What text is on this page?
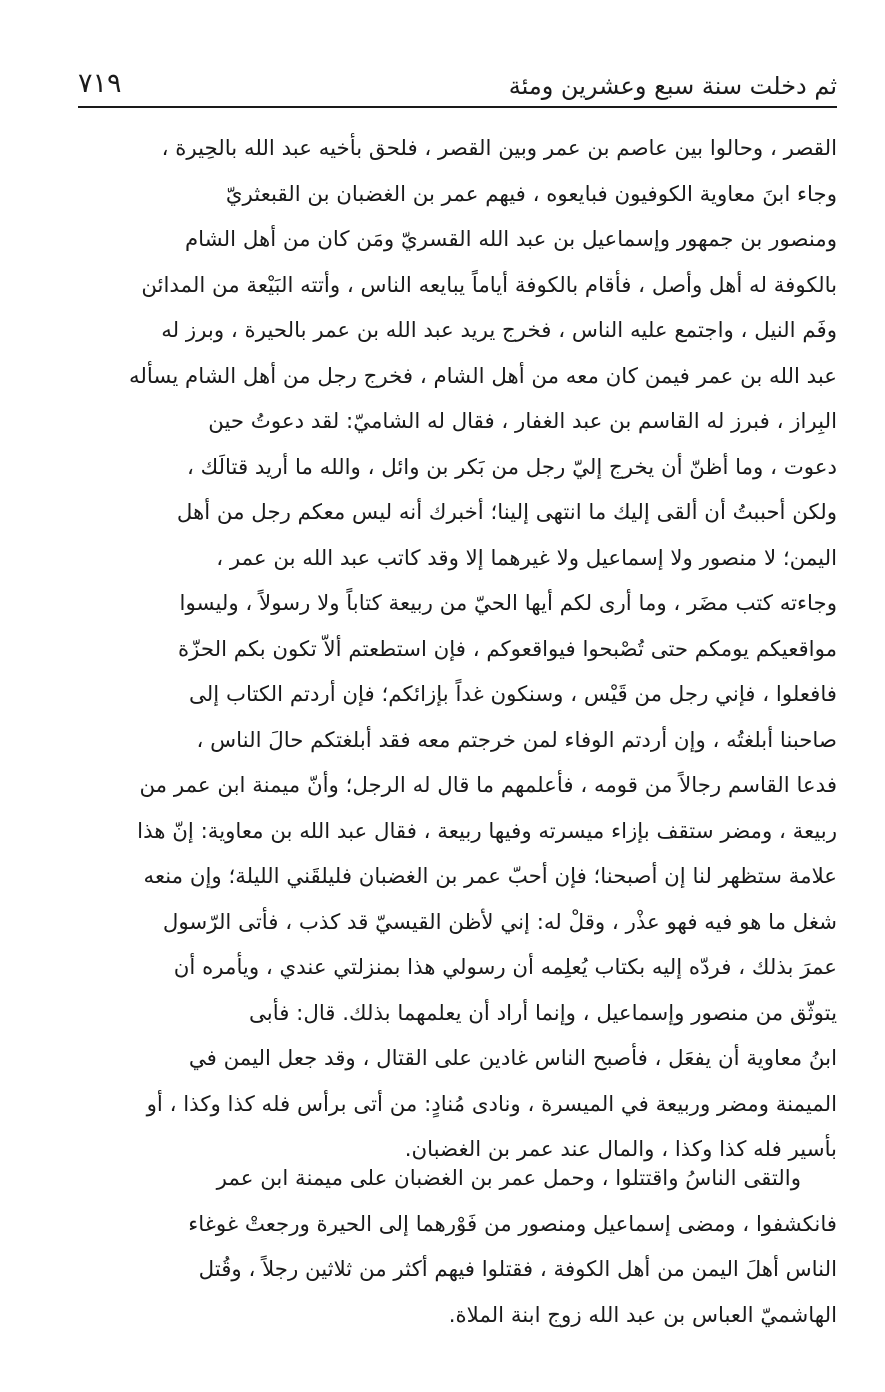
٧١٩	ثم دخلت سنة سبع وعشرين ومئة
القصر ، وحالوا بين عاصم بن عمر وبين القصر ، فلحق بأخيه عبد الله بالحِيرة ،
وجاء ابنَ معاوية الكوفيون فبايعوه ، فيهم عمر بن الغضبان بن القبعثريّ
ومنصور بن جمهور وإسماعيل بن عبد الله القسريّ ومَن كان من أهل الشام
بالكوفة له أهل وأصل ، فأقام بالكوفة أياماً يبايعه الناس ، وأتته البَيْعة من المدائن
وفَم النيل ، واجتمع عليه الناس ، فخرج يريد عبد الله بن عمر بالحيرة ، وبرز له
عبد الله بن عمر فيمن كان معه من أهل الشام ، فخرج رجل من أهل الشام يسأله
البِراز ، فبرز له القاسم بن عبد الغفار ، فقال له الشاميّ: لقد دعوتُ حين
دعوت ، وما أظنّ أن يخرج إليّ رجل من بَكر بن وائل ، والله ما أريد قتالَك ،
ولكن أحببتُ أن ألقى إليك ما انتهى إلينا؛ أخبرك أنه ليس معكم رجل من أهل
اليمن؛ لا منصور ولا إسماعيل ولا غيرهما إلا وقد كاتب عبد الله بن عمر ،
وجاءته كتب مضَر ، وما أرى لكم أيها الحيّ من ربيعة كتاباً ولا رسولاً ، وليسوا
مواقعيكم يومكم حتى تُصْبحوا فيواقعوكم ، فإن استطعتم ألاّ تكون بكم الحزّة
فافعلوا ، فإني رجل من قَيْس ، وسنكون غداً بإزائكم؛ فإن أردتم الكتاب إلى
صاحبنا أبلغتُه ، وإن أردتم الوفاء لمن خرجتم معه فقد أبلغتكم حالَ الناس ،
فدعا القاسم رجالاً من قومه ، فأعلمهم ما قال له الرجل؛ وأنّ ميمنة ابن عمر من
ربيعة ، ومضر ستقف بإزاء ميسرته وفيها ربيعة ، فقال عبد الله بن معاوية: إنّ هذا
علامة ستظهر لنا إن أصبحنا؛ فإن أحبّ عمر بن الغضبان فليلقَني الليلة؛ وإن منعه
شغل ما هو فيه فهو عذْر ، وقلْ له: إني لأظن القيسيّ قد كذب ، فأتى الرّسول
عمرَ بذلك ، فردّه إليه بكتاب يُعلِمه أن رسولي هذا بمنزلتي عندي ، ويأمره أن
يتوثّق من منصور وإسماعيل ، وإنما أراد أن يعلمهما بذلك. قال: فأبى
ابنُ معاوية أن يفعَل ، فأصبح الناس غادين على القتال ، وقد جعل اليمن في
الميمنة ومضر وربيعة في الميسرة ، ونادى مُنادٍ: من أتى برأس فله كذا وكذا ، أو
بأسير فله كذا وكذا ، والمال عند عمر بن الغضبان.
والتقى الناسُ واقتتلوا ، وحمل عمر بن الغضبان على ميمنة ابن عمر
فانكشفوا ، ومضى إسماعيل ومنصور من فَوْرهما إلى الحيرة ورجعتْ غوغاء
الناس أهلَ اليمن من أهل الكوفة ، فقتلوا فيهم أكثر من ثلاثين رجلاً ، وقُتل
الهاشميّ العباس بن عبد الله زوج ابنة الملاة.
